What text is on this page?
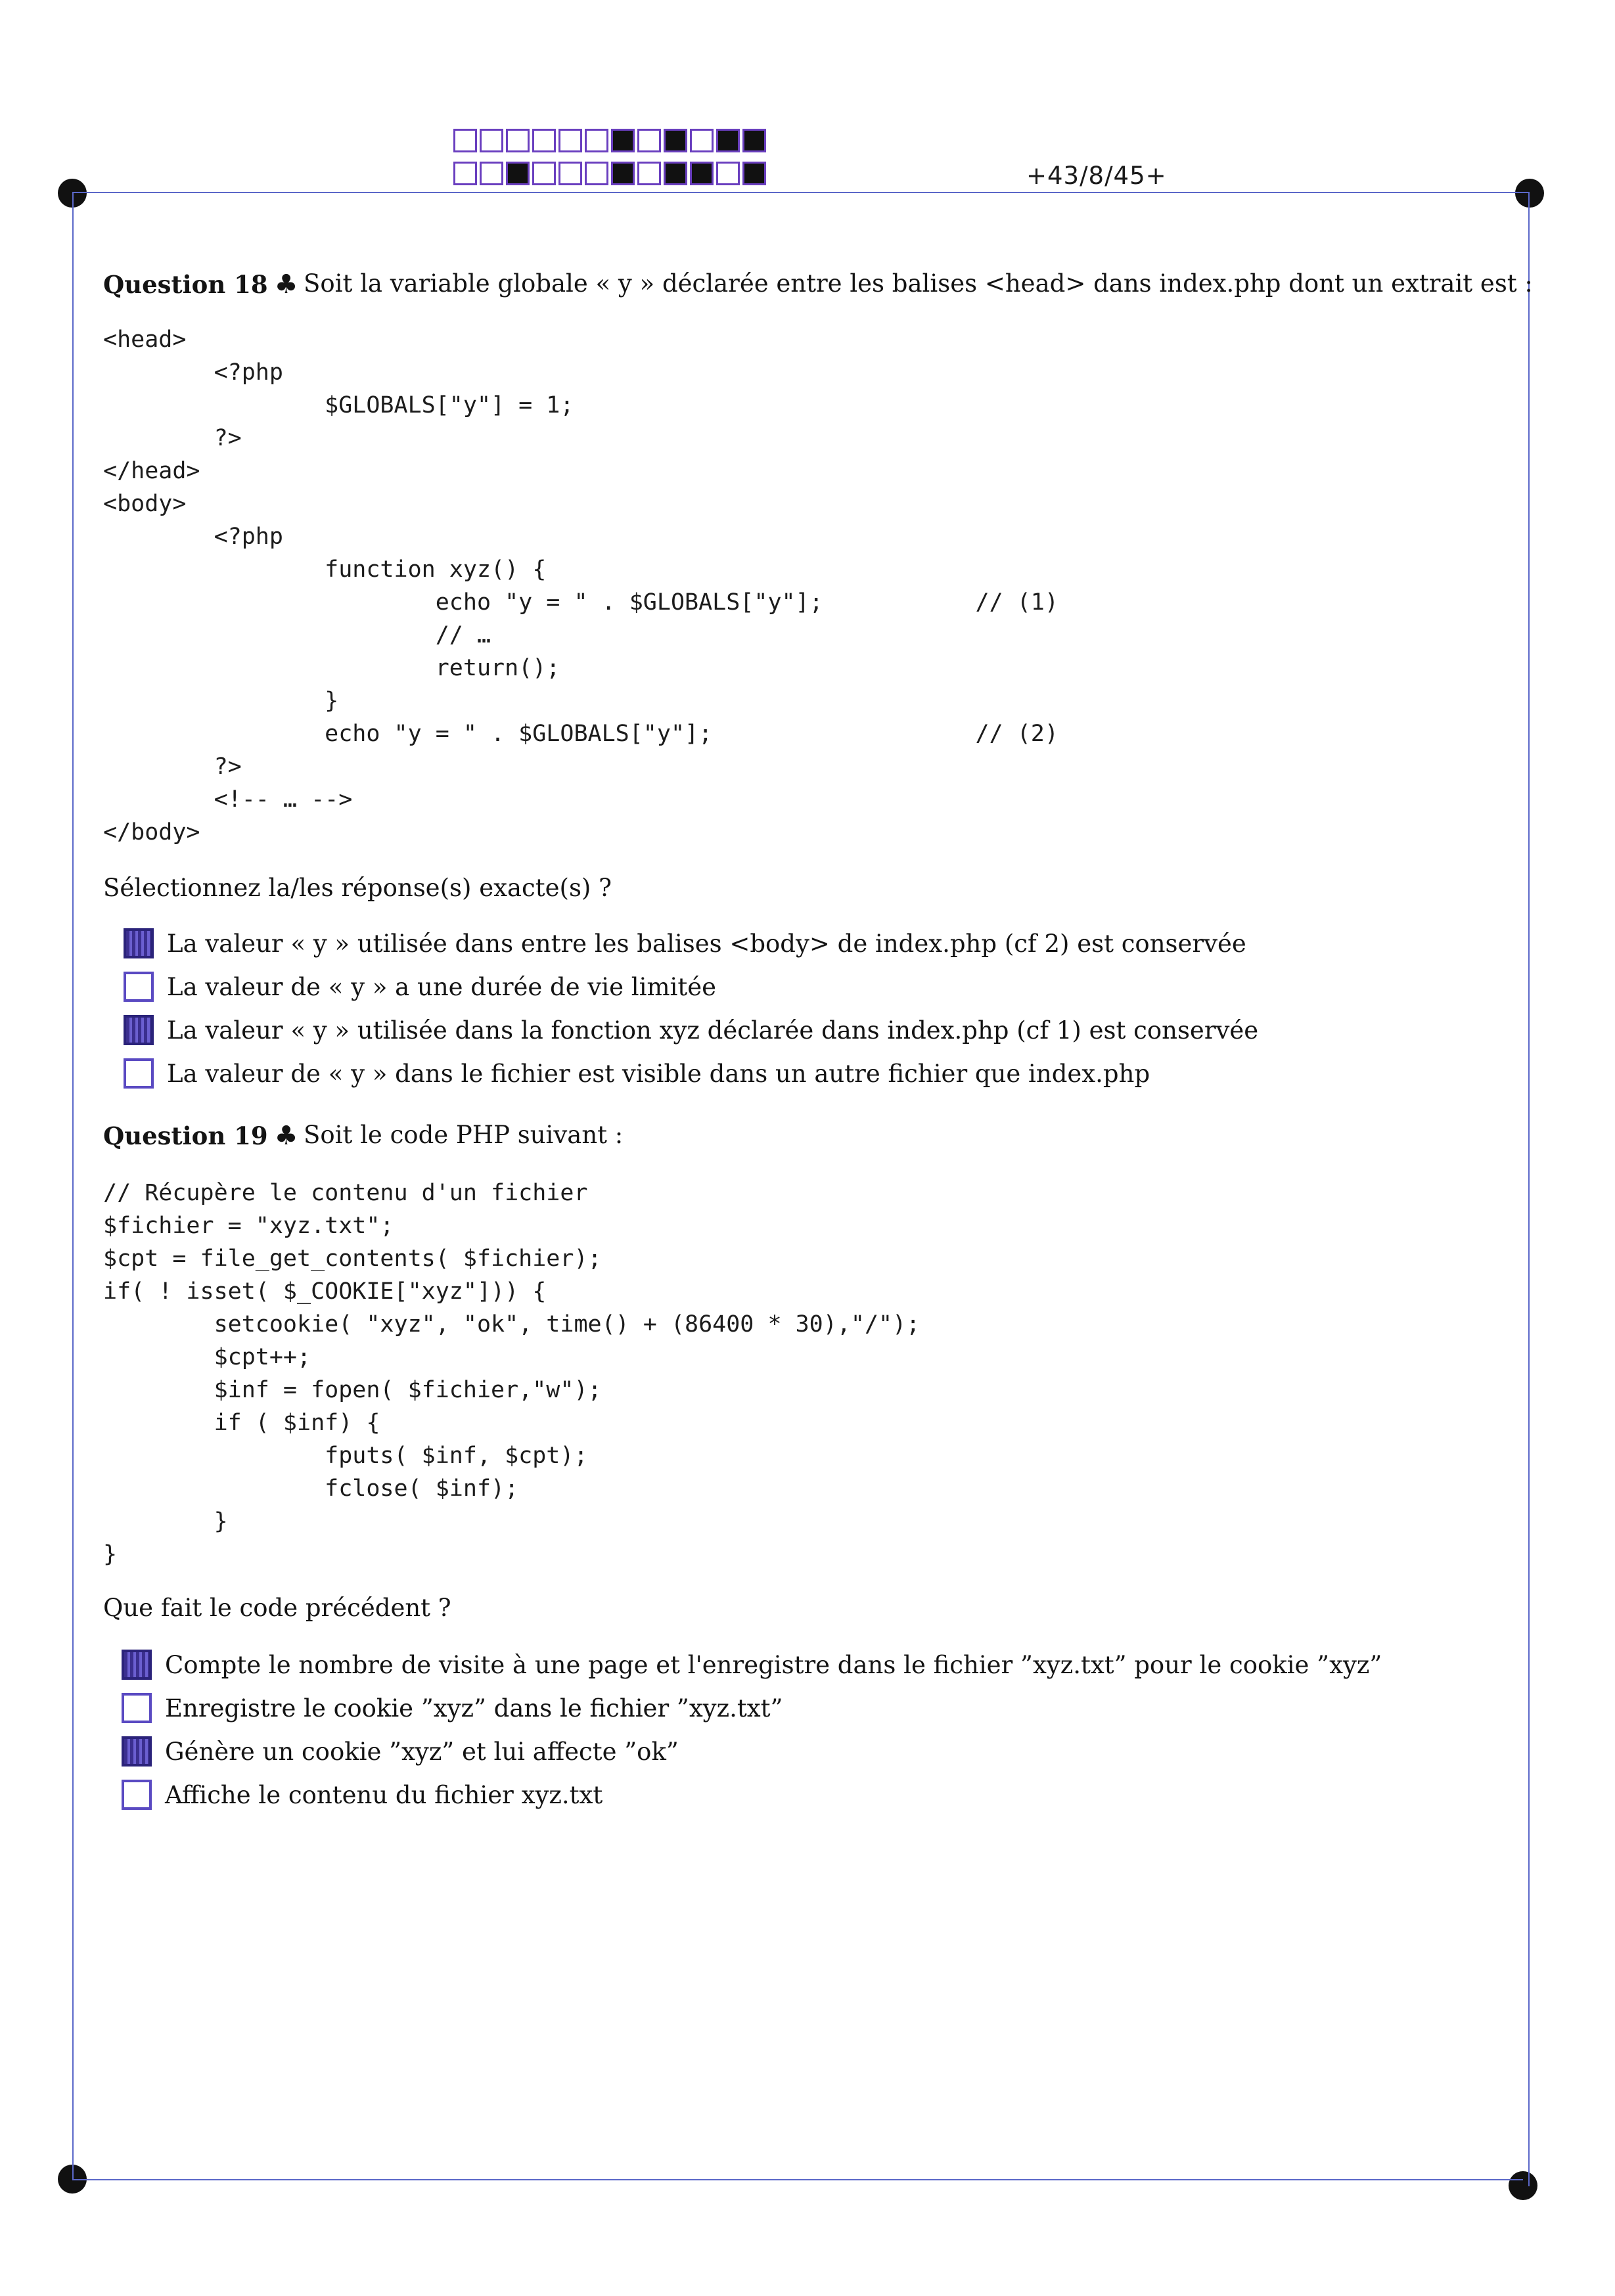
+43/8/45+
Question 18 ♣ Soit la variable globale « y » déclarée entre les balises <head> dans index.php dont un extrait est :
<head>
<?php
$GLOBALS["y"] = 1;
?>
</head>
<body>
<?php
function xyz() {
echo "y = " . $GLOBALS["y"];           // (1)
// …
return();
}
echo "y = " . $GLOBALS["y"];                   // (2)
?>
<!-- … -->
</body>
Sélectionnez la/les réponse(s) exacte(s) ?
La valeur « y » utilisée dans entre les balises <body> de index.php (cf 2) est conservée
La valeur de « y » a une durée de vie limitée
La valeur « y » utilisée dans la fonction xyz déclarée dans index.php (cf 1) est conservée
La valeur de « y » dans le fichier est visible dans un autre fichier que index.php
Question 19 ♣ Soit le code PHP suivant :
// Récupère le contenu d'un fichier
$fichier = "xyz.txt";
$cpt = file_get_contents( $fichier);
if( ! isset( $_COOKIE["xyz"])) {
setcookie( "xyz", "ok", time() + (86400 * 30),"/");
$cpt++;
$inf = fopen( $fichier,"w");
if ( $inf) {
fputs( $inf, $cpt);
fclose( $inf);
}
}
Que fait le code précédent ?
Compte le nombre de visite à une page et l'enregistre dans le fichier ”xyz.txt” pour le cookie ”xyz”
Enregistre le cookie ”xyz” dans le fichier ”xyz.txt”
Génère un cookie ”xyz” et lui affecte ”ok”
Affiche le contenu du fichier xyz.txt
